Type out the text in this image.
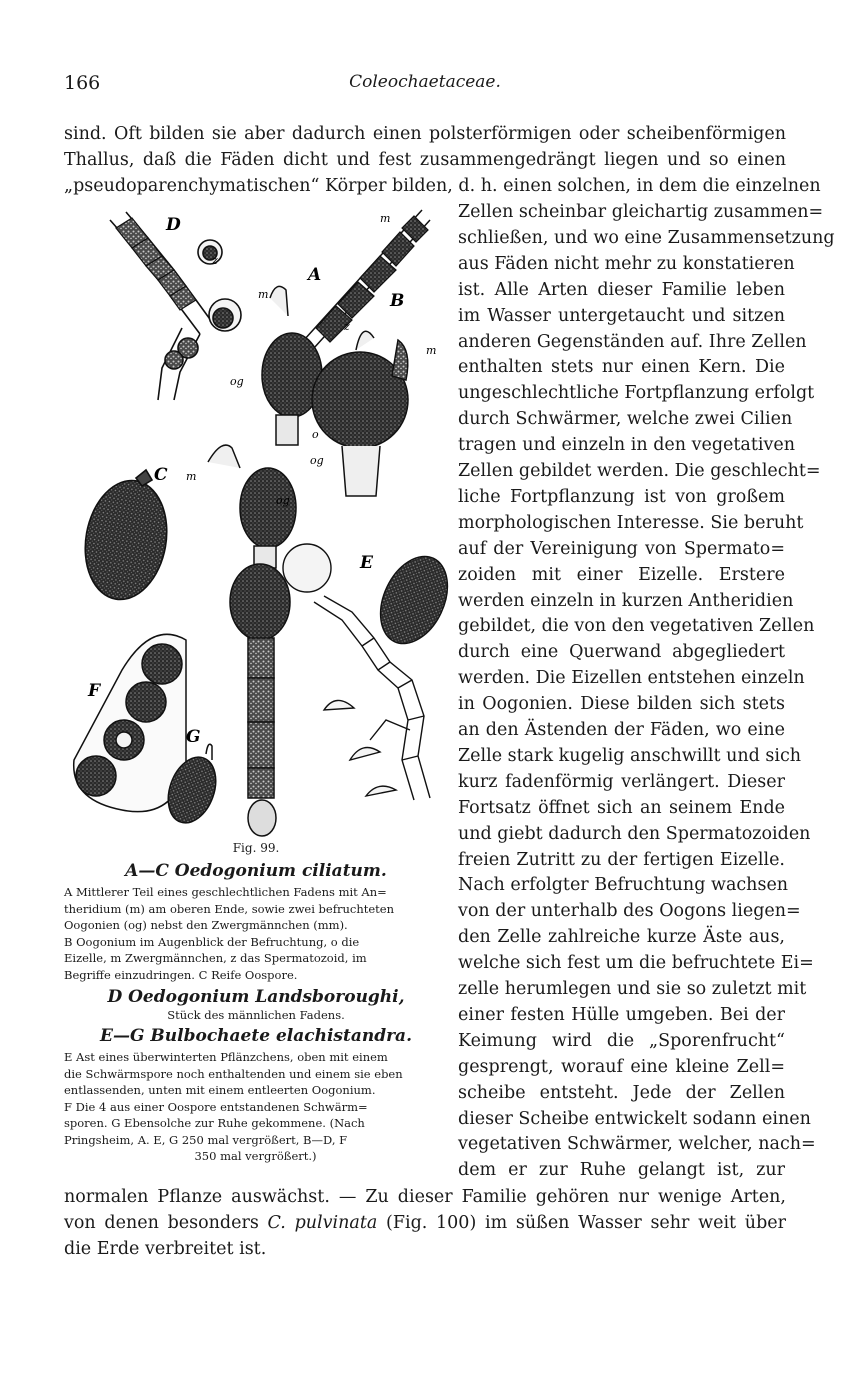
166	Coleochaetaceae.
sind. Oft bilden sie aber dadurch einen polsterförmigen oder scheibenförmigen
Thallus, daß die Fäden dicht und fest zusammengedrängt liegen und so einen
„pseudoparenchymatischen“ Körper bilden, d. h. einen solchen, in dem die einzelnen
Zellen scheinbar gleichartig zusammen=
schließen, und wo eine Zusammensetzung
aus Fäden nicht mehr zu konstatieren
ist. Alle Arten dieser Familie leben
im Wasser untergetaucht und sitzen
anderen Gegenständen auf. Ihre Zellen
enthalten stets nur einen Kern. Die
ungeschlechtliche Fortpflanzung erfolgt
durch Schwärmer, welche zwei Cilien
tragen und einzeln in den vegetativen
Zellen gebildet werden. Die geschlecht=
liche Fortpflanzung ist von großem
morphologischen Interesse. Sie beruht
auf der Vereinigung von Spermato=
zoiden mit einer Eizelle. Erstere
werden einzeln in kurzen Antheridien
gebildet, die von den vegetativen Zellen
durch eine Querwand abgegliedert
werden. Die Eizellen entstehen einzeln
in Oogonien. Diese bilden sich stets
an den Ästenden der Fäden, wo eine
Zelle stark kugelig anschwillt und sich
kurz fadenförmig verlängert. Dieser
Fortsatz öffnet sich an seinem Ende
und giebt dadurch den Spermatozoiden
freien Zutritt zu der fertigen Eizelle.
Nach erfolgter Befruchtung wachsen
von der unterhalb des Oogons liegen=
den Zelle zahlreiche kurze Äste aus,
welche sich fest um die befruchtete Ei=
zelle herumlegen und sie so zuletzt mit
einer festen Hülle umgeben. Bei der
Keimung wird die „Sporenfrucht“
gesprengt, worauf eine kleine Zell=
scheibe entsteht. Jede der Zellen
dieser Scheibe entwickelt sodann einen
vegetativen Schwärmer, welcher, nach=
dem er zur Ruhe gelangt ist, zur
D
A
B
C
E
F
G
m
m
m
m
og
og
og
z
z
o
Fig. 99.
A—C Oedogonium ciliatum.
A Mittlerer Teil eines geschlechtlichen Fadens mit An=
theridium (m) am oberen Ende, sowie zwei befruchteten
Oogonien (og) nebst den Zwergmännchen (mm).
B Oogonium im Augenblick der Befruchtung, o die
Eizelle, m Zwergmännchen, z das Spermatozoid, im
Begriffe einzudringen. C Reife Oospore.
D Oedogonium Landsboroughi,
Stück des männlichen Fadens.
E—G Bulbochaete elachistandra.
E Ast eines überwinterten Pflänzchens, oben mit einem
die Schwärmspore noch enthaltenden und einem sie eben
entlassenden, unten mit einem entleerten Oogonium.
F Die 4 aus einer Oospore entstandenen Schwärm=
sporen. G Ebensolche zur Ruhe gekommene. (Nach
Pringsheim, A. E, G 250 mal vergrößert, B—D, F
350 mal vergrößert.)
normalen Pflanze auswächst. — Zu dieser Familie gehören nur wenige Arten,
von denen besonders C. pulvinata (Fig. 100) im süßen Wasser sehr weit über
die Erde verbreitet ist.
